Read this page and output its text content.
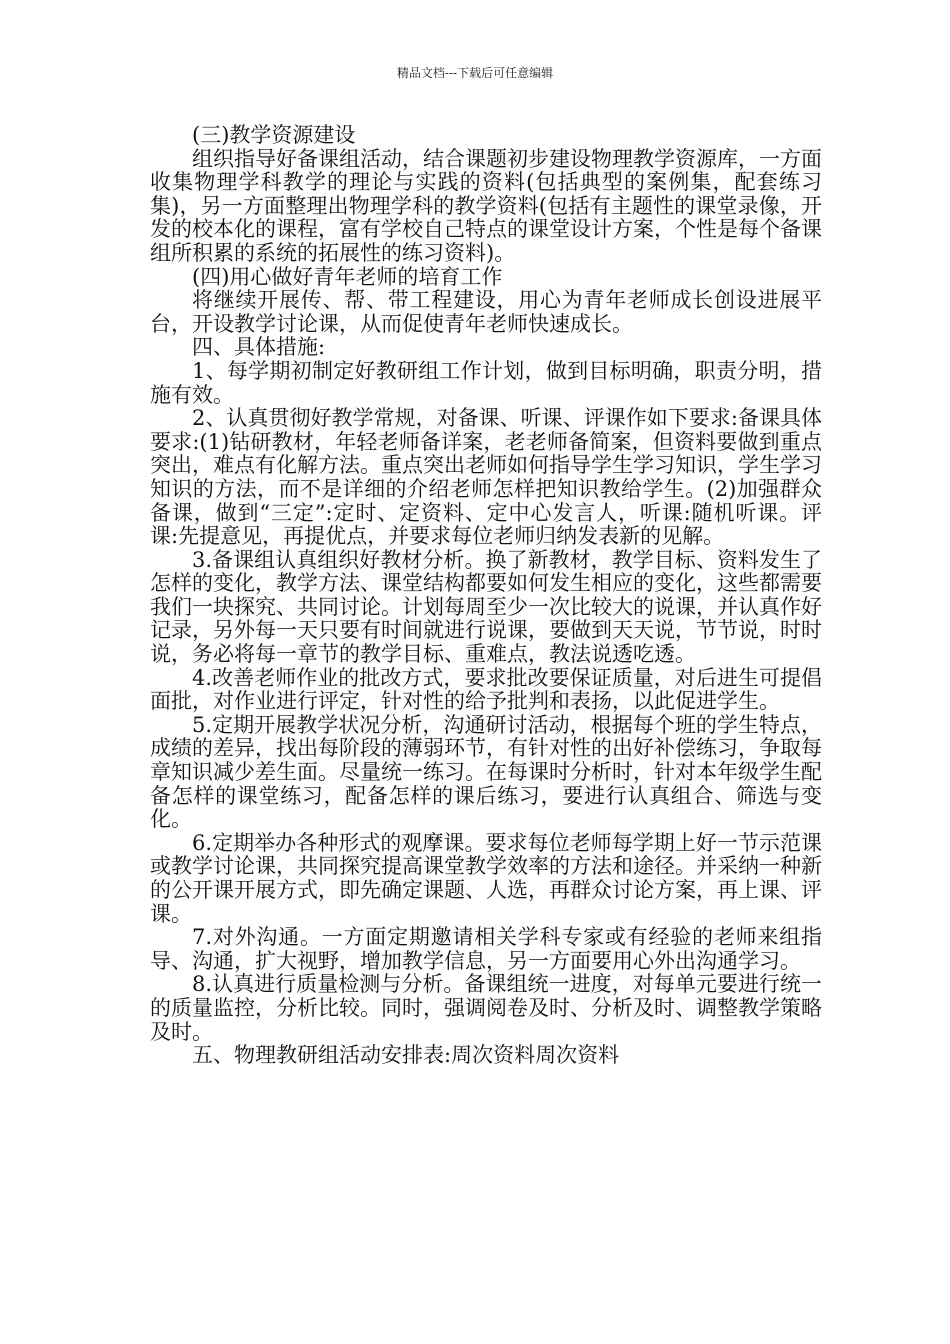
精品文档---下载后可任意编辑

(三)教学资源建设

组织指导好备课组活动，结合课题初步建设物理教学资源库，一方面收集物理学科教学的理论与实践的资料(包括典型的案例集，配套练习集)，另一方面整理出物理学科的教学资料(包括有主题性的课堂录像，开发的校本化的课程，富有学校自己特点的课堂设计方案，个性是每个备课组所积累的系统的拓展性的练习资料)。

(四)用心做好青年老师的培育工作

将继续开展传、帮、带工程建设，用心为青年老师成长创设进展平台，开设教学讨论课，从而促使青年老师快速成长。

四、具体措施:

1、每学期初制定好教研组工作计划，做到目标明确，职责分明，措施有效。

2、认真贯彻好教学常规，对备课、听课、评课作如下要求:备课具体要求:(1)钻研教材，年轻老师备详案，老老师备简案，但资料要做到重点突出，难点有化解方法。重点突出老师如何指导学生学习知识，学生学习知识的方法，而不是详细的介绍老师怎样把知识教给学生。(2)加强群众备课，做到“三定”:定时、定资料、定中心发言人，听课:随机听课。评课:先提意见，再提优点，并要求每位老师归纳发表新的见解。

3.备课组认真组织好教材分析。换了新教材，教学目标、资料发生了怎样的变化，教学方法、课堂结构都要如何发生相应的变化，这些都需要我们一块探究、共同讨论。计划每周至少一次比较大的说课，并认真作好记录，另外每一天只要有时间就进行说课，要做到天天说，节节说，时时说，务必将每一章节的教学目标、重难点，教法说透吃透。

4.改善老师作业的批改方式，要求批改要保证质量，对后进生可提倡面批，对作业进行评定，针对性的给予批判和表扬，以此促进学生。

5.定期开展教学状况分析，沟通研讨活动，根据每个班的学生特点，成绩的差异，找出每阶段的薄弱环节，有针对性的出好补偿练习，争取每章知识减少差生面。尽量统一练习。在每课时分析时，针对本年级学生配备怎样的课堂练习，配备怎样的课后练习，要进行认真组合、筛选与变化。

6.定期举办各种形式的观摩课。要求每位老师每学期上好一节示范课或教学讨论课，共同探究提高课堂教学效率的方法和途径。并采纳一种新的公开课开展方式，即先确定课题、人选，再群众讨论方案，再上课、评课。

7.对外沟通。一方面定期邀请相关学科专家或有经验的老师来组指导、沟通，扩大视野，增加教学信息，另一方面要用心外出沟通学习。

8.认真进行质量检测与分析。备课组统一进度，对每单元要进行统一的质量监控，分析比较。同时，强调阅卷及时、分析及时、调整教学策略及时。

五、物理教研组活动安排表:周次资料周次资料
